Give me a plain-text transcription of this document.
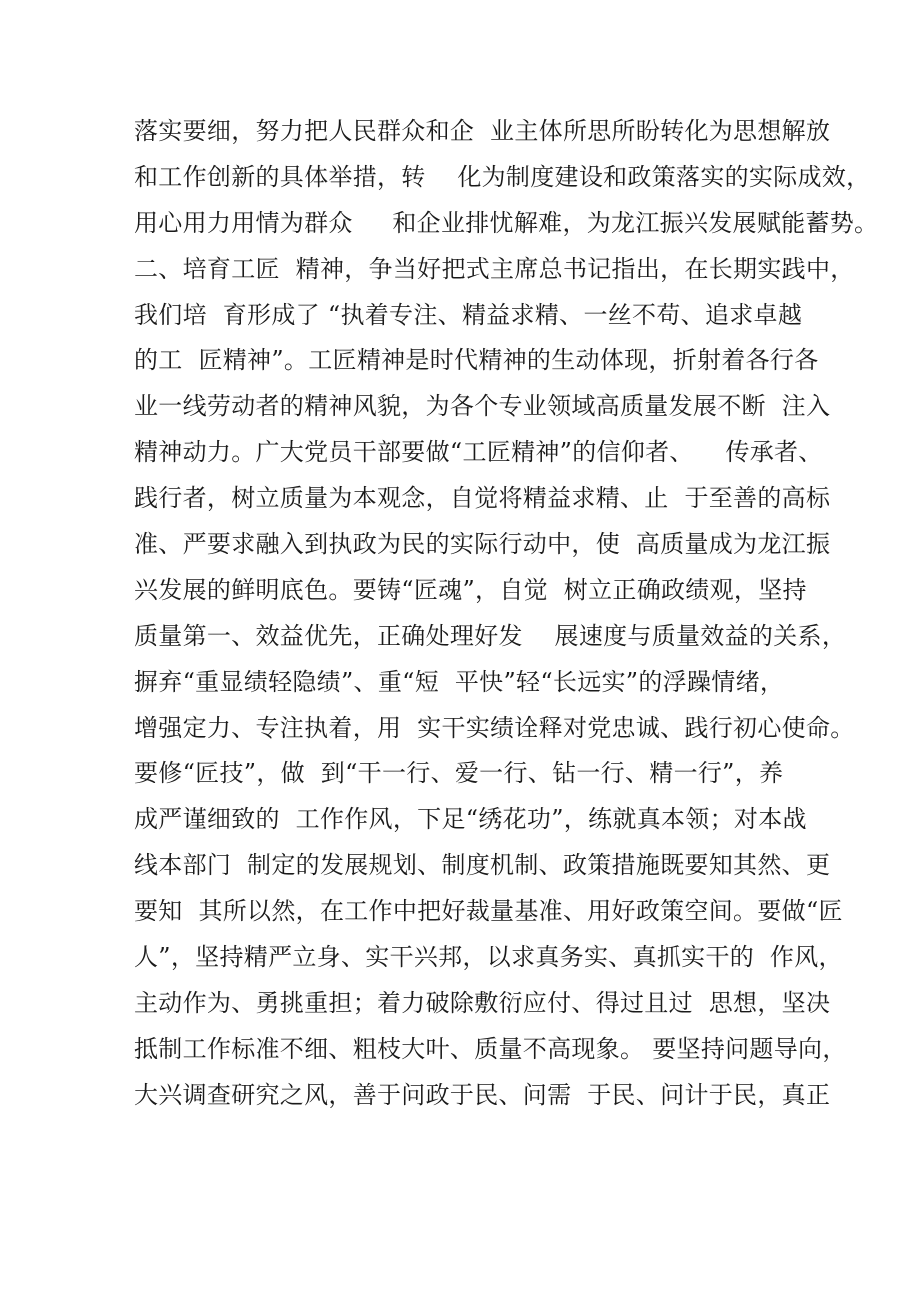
落实要细，努力把人民群众和企  业主体所思所盼转化为思想解放
和工作创新的具体举措，转    化为制度建设和政策落实的实际成效，
用心用力用情为群众     和企业排忧解难，为龙江振兴发展赋能蓄势。
二、培育工匠  精神，争当好把式主席总书记指出，在长期实践中，
我们培  育形成了 “执着专注、精益求精、一丝不苟、追求卓越
的工  匠精神”。工匠精神是时代精神的生动体现，折射着各行各
业一线劳动者的精神风貌，为各个专业领域高质量发展不断  注入
精神动力。广大党员干部要做“工匠精神”的信仰者、    传承者、
践行者，树立质量为本观念，自觉将精益求精、止  于至善的高标
准、严要求融入到执政为民的实际行动中，使  高质量成为龙江振
兴发展的鲜明底色。要铸“匠魂”，自觉  树立正确政绩观，坚持
质量第一、效益优先，正确处理好发    展速度与质量效益的关系，
摒弃“重显绩轻隐绩”、重“短  平快”轻“长远实”的浮躁情绪，
增强定力、专注执着，用  实干实绩诠释对党忠诚、践行初心使命。
要修“匠技”，做  到“干一行、爱一行、钻一行、精一行”，养
成严谨细致的  工作作风，下足“绣花功”，练就真本领；对本战
线本部门  制定的发展规划、制度机制、政策措施既要知其然、更
要知  其所以然，在工作中把好裁量基准、用好政策空间。要做“匠
人”，坚持精严立身、实干兴邦，以求真务实、真抓实干的  作风，
主动作为、勇挑重担；着力破除敷衍应付、得过且过  思想，坚决
抵制工作标准不细、粗枝大叶、质量不高现象。 要坚持问题导向，
大兴调查研究之风，善于问政于民、问需  于民、问计于民，真正
